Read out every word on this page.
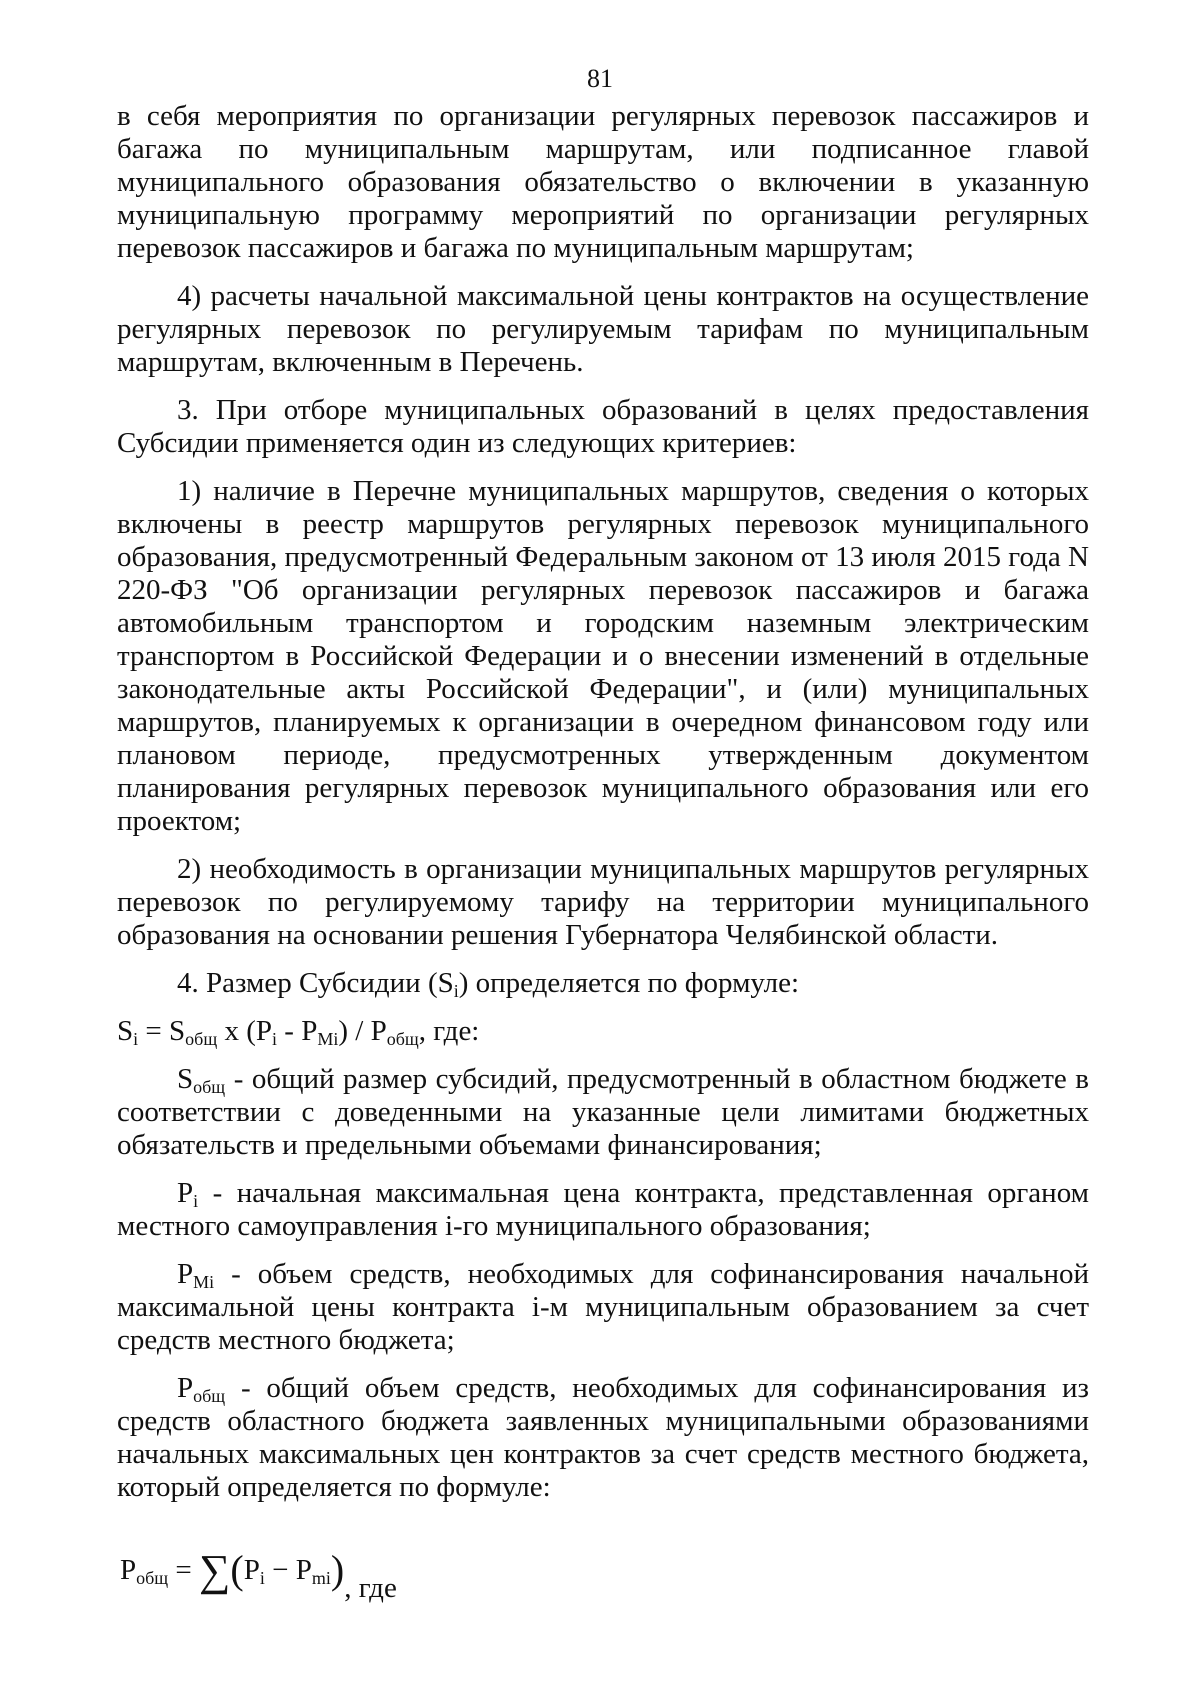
81

в себя мероприятия по организации регулярных перевозок пассажиров и багажа по муниципальным маршрутам, или подписанное главой муниципального образования обязательство о включении в указанную муниципальную программу мероприятий по организации регулярных перевозок пассажиров и багажа по муниципальным маршрутам;

4) расчеты начальной максимальной цены контрактов на осуществление регулярных перевозок по регулируемым тарифам по муниципальным маршрутам, включенным в Перечень.

3. При отборе муниципальных образований в целях предоставления Субсидии применяется один из следующих критериев:

1) наличие в Перечне муниципальных маршрутов, сведения о которых включены в реестр маршрутов регулярных перевозок муниципального образования, предусмотренный Федеральным законом от 13 июля 2015 года N 220-ФЗ "Об организации регулярных перевозок пассажиров и багажа автомобильным транспортом и городским наземным электрическим транспортом в Российской Федерации и о внесении изменений в отдельные законодательные акты Российской Федерации", и (или) муниципальных маршрутов, планируемых к организации в очередном финансовом году или плановом периоде, предусмотренных утвержденным документом планирования регулярных перевозок муниципального образования или его проектом;

2) необходимость в организации муниципальных маршрутов регулярных перевозок по регулируемому тарифу на территории муниципального образования на основании решения Губернатора Челябинской области.

4. Размер Субсидии $(S_i)$ определяется по формуле:

$S_i = S_{общ}$ x $(P_i - P_{Mi}) / P_{общ}$, где:

$S_{общ}$ - общий размер субсидий, предусмотренный в областном бюджете в соответствии с доведенными на указанные цели лимитами бюджетных обязательств и предельными объемами финансирования;

$P_i$ - начальная максимальная цена контракта, представленная органом местного самоуправления i-го муниципального образования;

$P_{Mi}$ - объем средств, необходимых для софинансирования начальной максимальной цены контракта i-м муниципальным образованием за счет средств местного бюджета;

$P_{общ}$ - общий объем средств, необходимых для софинансирования из средств областного бюджета заявленных муниципальными образованиями начальных максимальных цен контрактов за счет средств местного бюджета, который определяется по формуле:

$P_{общ} = \sum(P_i - P_{mi})$, где
